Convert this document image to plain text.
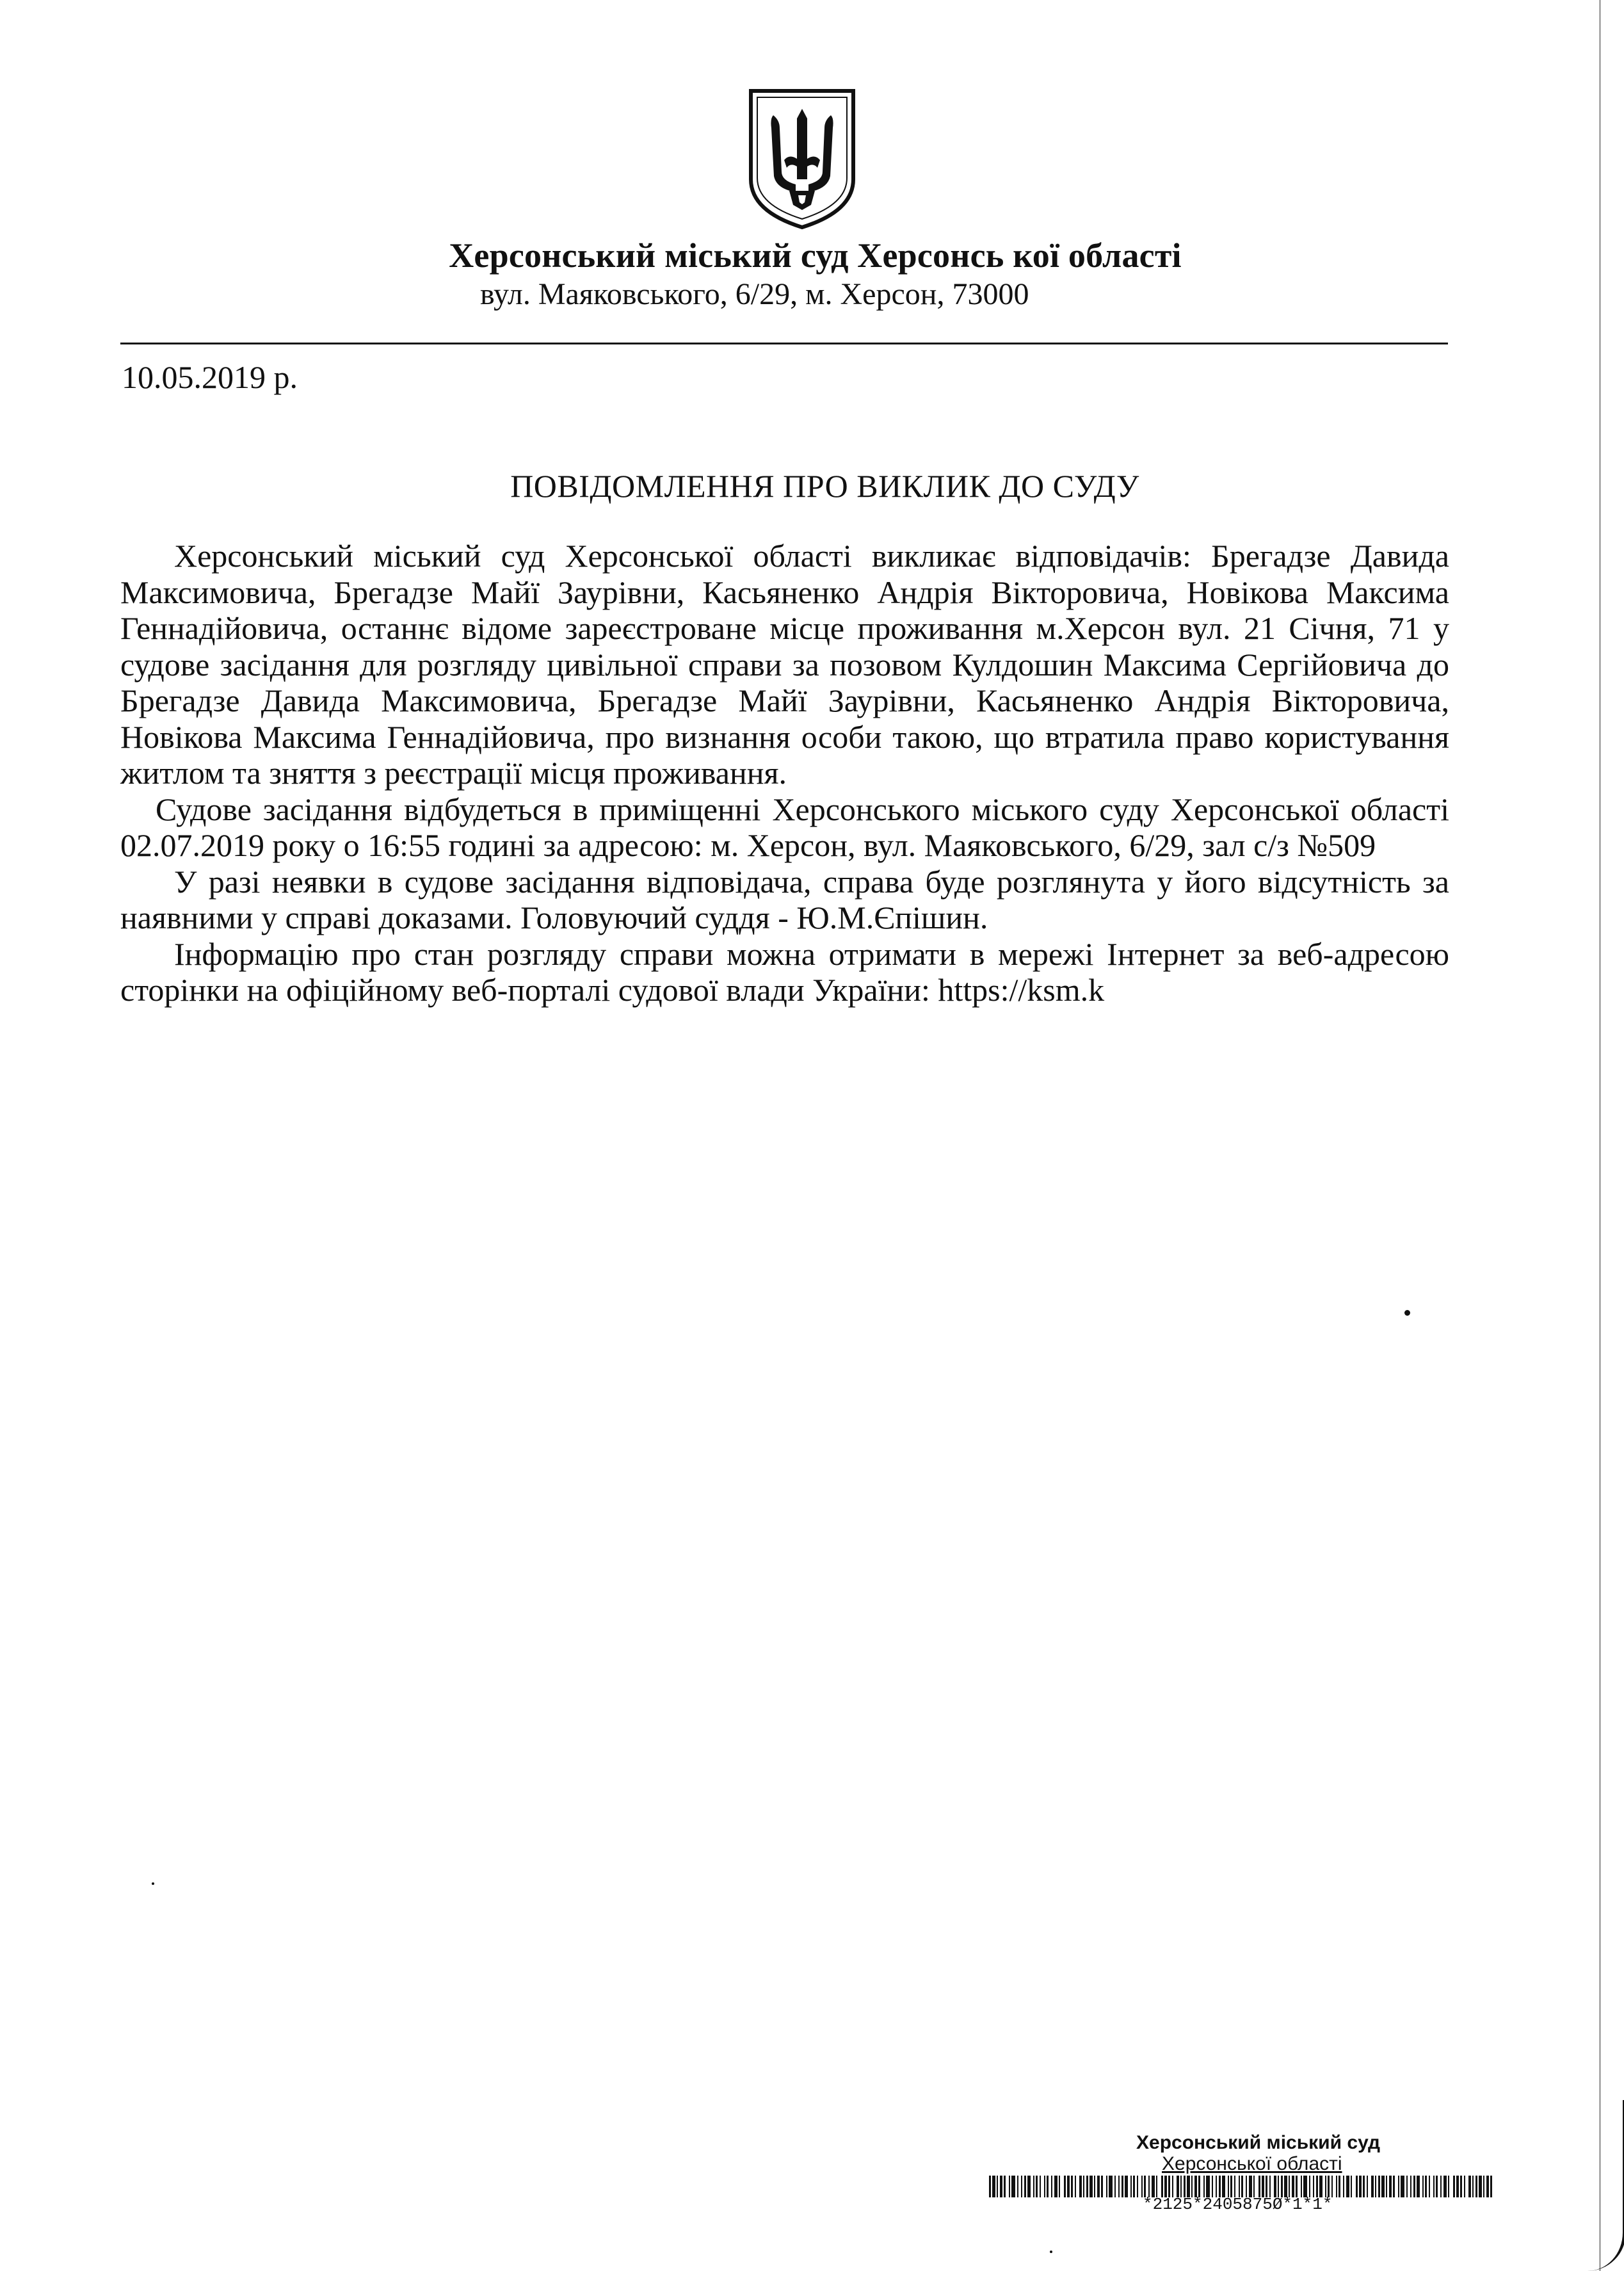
Херсонський міський суд Херсонсь кої області
вул. Маяковського, 6/29, м. Херсон, 73000
10.05.2019 р.
ПОВІДОМЛЕННЯ ПРО ВИКЛИК ДО СУДУ

Херсонський міський суд Херсонської області викликає відповідачів: Брегадзе Давида Максимовича, Брегадзе Майї Заурівни, Касьяненко Андрія Вікторовича, Новікова Максима Геннадійовича, останнє відоме зареєстроване місце проживання м.Херсон вул. 21 Січня, 71 у судове засідання для розгляду цивільної справи за позовом Кулдошин Максима Сергійовича до Брегадзе Давида Максимовича, Брегадзе Майї Заурівни, Касьяненко Андрія Вікторовича, Новікова Максима Геннадійовича, про визнання особи такою, що втратила право користування житлом та зняття з реєстрації місця проживання.

Судове засідання відбудеться в приміщенні Херсонського міського суду Херсонської області 02.07.2019 року о 16:55 годині за адресою: м. Херсон, вул. Маяковського, 6/29, зал с/з №509

У разі неявки в судове засідання відповідача, справа буде розглянута у його відсутність за наявними у справі доказами. Головуючий суддя - Ю.М.Єпішин.

Інформацію про стан розгляду справи можна отримати в мережі Інтернет за веб-адресою сторінки на офіційному веб-порталі судової влади України: https://ksm.k

Херсонський міський суд
Херсонської області
*2125*2405875Ø*1*1*
